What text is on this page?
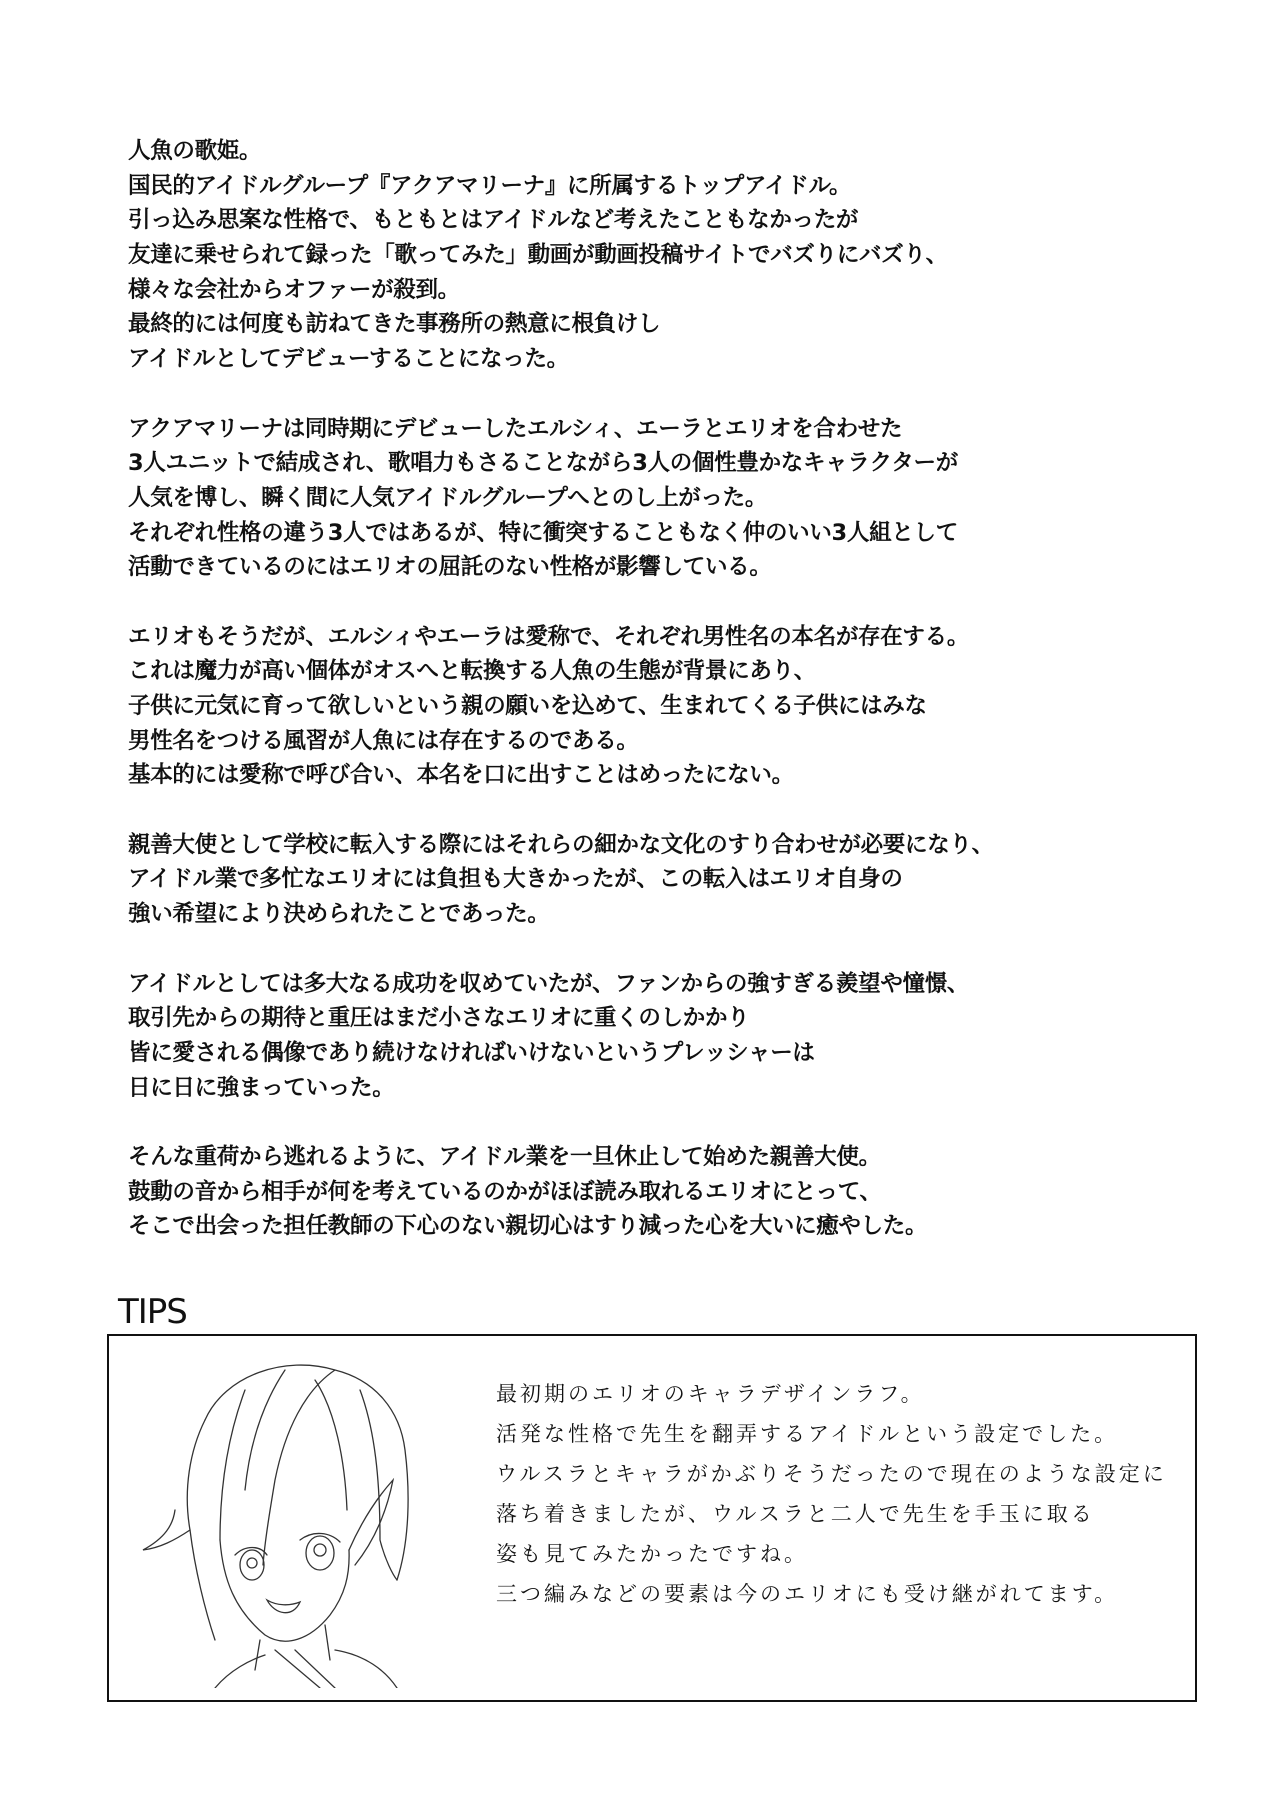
人魚の歌姫。
国民的アイドルグループ『アクアマリーナ』に所属するトップアイドル。
引っ込み思案な性格で、もともとはアイドルなど考えたこともなかったが
友達に乗せられて録った「歌ってみた」動画が動画投稿サイトでバズりにバズり、
様々な会社からオファーが殺到。
最終的には何度も訪ねてきた事務所の熱意に根負けし
アイドルとしてデビューすることになった。
アクアマリーナは同時期にデビューしたエルシィ、エーラとエリオを合わせた
3人ユニットで結成され、歌唱力もさることながら3人の個性豊かなキャラクターが
人気を博し、瞬く間に人気アイドルグループへとのし上がった。
それぞれ性格の違う3人ではあるが、特に衝突することもなく仲のいい3人組として
活動できているのにはエリオの屈託のない性格が影響している。
エリオもそうだが、エルシィやエーラは愛称で、それぞれ男性名の本名が存在する。
これは魔力が高い個体がオスへと転換する人魚の生態が背景にあり、
子供に元気に育って欲しいという親の願いを込めて、生まれてくる子供にはみな
男性名をつける風習が人魚には存在するのである。
基本的には愛称で呼び合い、本名を口に出すことはめったにない。
親善大使として学校に転入する際にはそれらの細かな文化のすり合わせが必要になり、
アイドル業で多忙なエリオには負担も大きかったが、この転入はエリオ自身の
強い希望により決められたことであった。
アイドルとしては多大なる成功を収めていたが、ファンからの強すぎる羨望や憧憬、
取引先からの期待と重圧はまだ小さなエリオに重くのしかかり
皆に愛される偶像であり続けなければいけないというプレッシャーは
日に日に強まっていった。
そんな重荷から逃れるように、アイドル業を一旦休止して始めた親善大使。
鼓動の音から相手が何を考えているのかがほぼ読み取れるエリオにとって、
そこで出会った担任教師の下心のない親切心はすり減った心を大いに癒やした。
TIPS
最初期のエリオのキャラデザインラフ。
活発な性格で先生を翻弄するアイドルという設定でした。
ウルスラとキャラがかぶりそうだったので現在のような設定に
落ち着きましたが、ウルスラと二人で先生を手玉に取る
姿も見てみたかったですね。
三つ編みなどの要素は今のエリオにも受け継がれてます。
